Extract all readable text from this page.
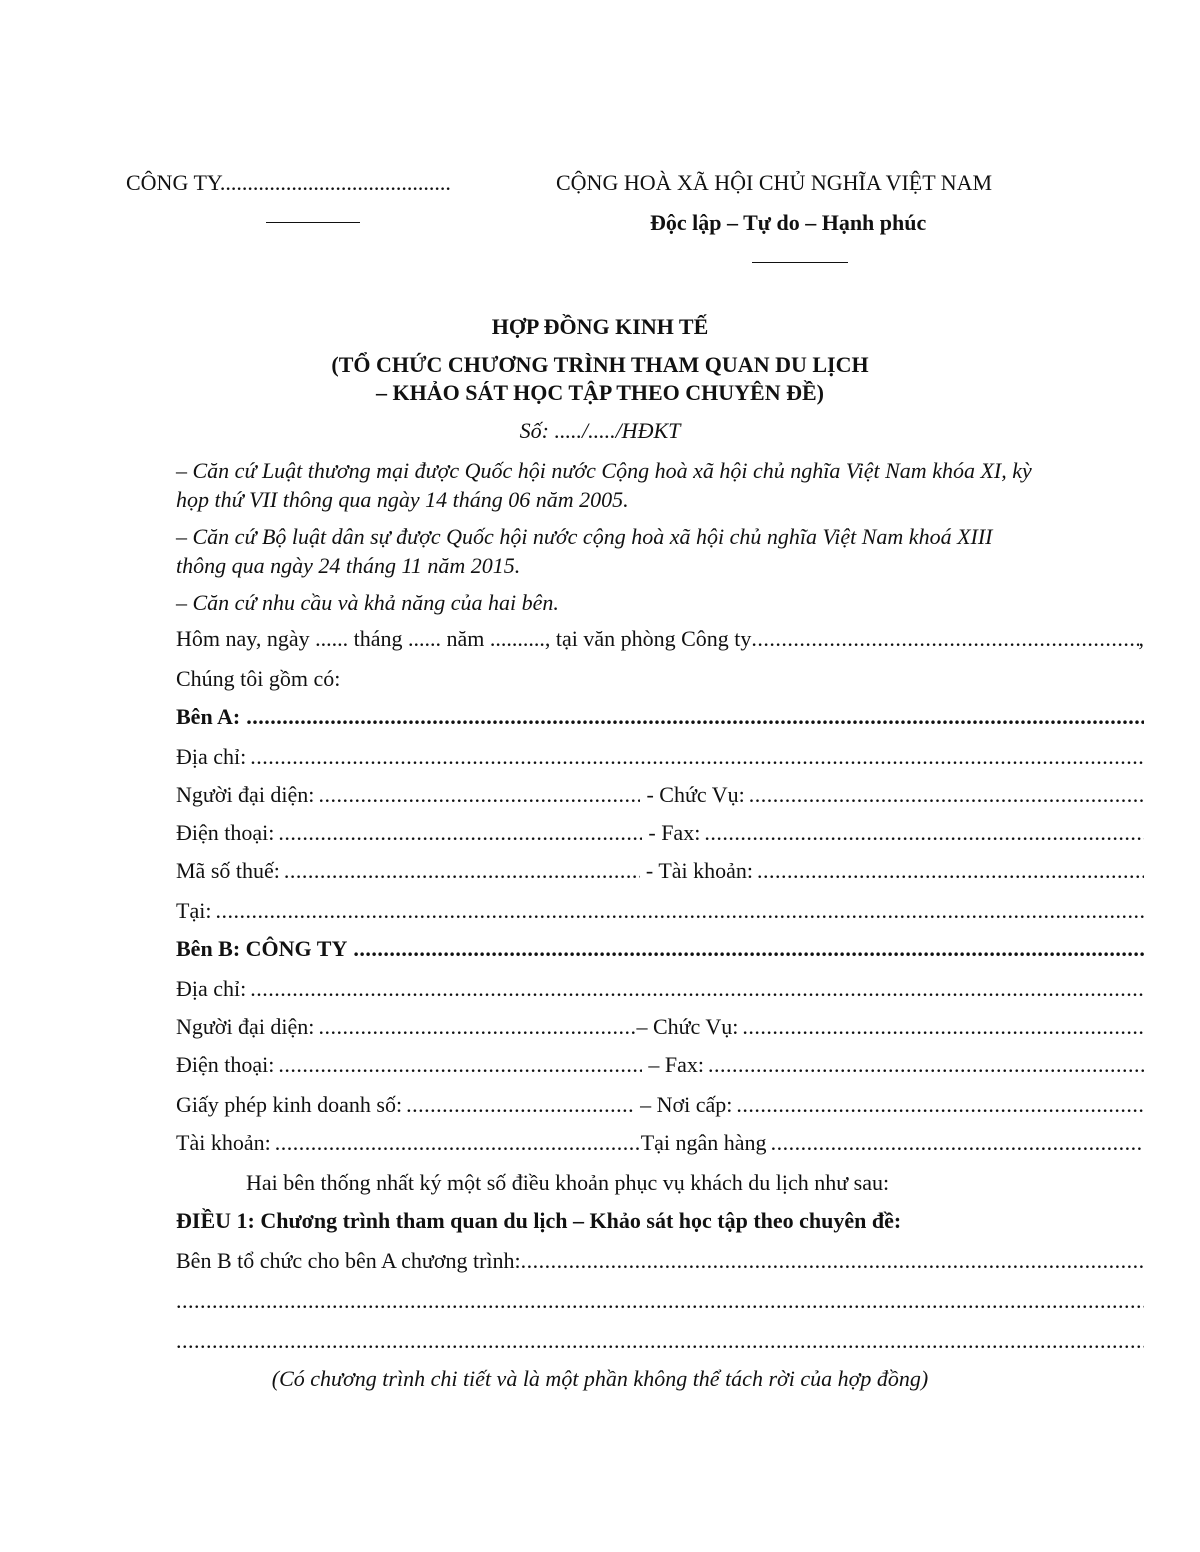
CÔNG TY..........................................	CỘNG HOÀ XÃ HỘI CHỦ NGHĨA VIỆT NAM
Độc lập – Tự do – Hạnh phúc
HỢP ĐỒNG KINH TẾ
(TỔ CHỨC CHƯƠNG TRÌNH THAM QUAN DU LỊCH
– KHẢO SÁT HỌC TẬP THEO CHUYÊN ĐỀ)
Số: ...../...../HĐKT
– Căn cứ Luật thương mại được Quốc hội nước Cộng hoà xã hội chủ nghĩa Việt Nam khóa XI, kỳ họp thứ VII thông qua ngày 14 tháng 06 năm 2005.
– Căn cứ Bộ luật dân sự được Quốc hội nước cộng hoà xã hội chủ nghĩa Việt Nam khoá XIII thông qua ngày 24 tháng 11 năm 2015.
– Căn cứ nhu cầu và khả năng của hai bên.
Hôm nay, ngày ...... tháng ...... năm .........., tại văn phòng Công ty .....	,
Chúng tôi gồm có:
Bên A:
.....
Địa chỉ:
.....
Người đại diện: .....	- Chức Vụ:
.....
Điện thoại: .....	- Fax:
.....
Mã số thuế: .....	- Tài khoản:
.....
Tại:
.....
Bên B: CÔNG TY
.....
Địa chỉ:
.....
Người đại diện: .....	– Chức Vụ:
.....
Điện thoại: .....	– Fax:
.....
Giấy phép kinh doanh số: .....	– Nơi cấp:
.....
Tài khoản: .....	Tại ngân hàng
.....
Hai bên thống nhất ký một số điều khoản phục vụ khách du lịch như sau:
ĐIỀU 1: Chương trình tham quan du lịch – Khảo sát học tập theo chuyên đề:
Bên B tổ chức cho bên A chương trình:
.....
.....
.....
(Có chương trình chi tiết và là một phần không thể tách rời của hợp đồng)
